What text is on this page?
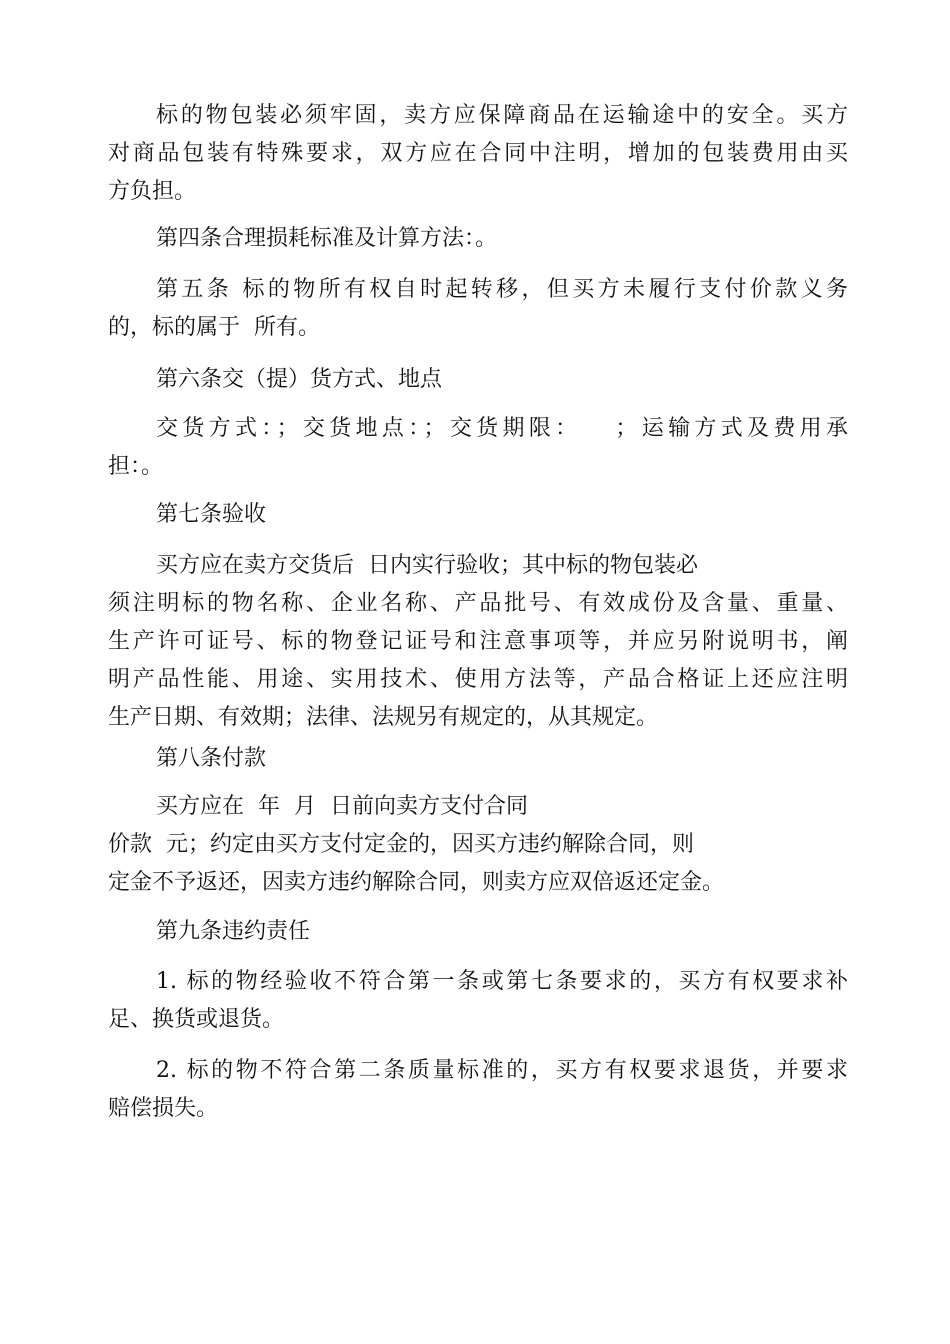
标的物包装必须牢固，卖方应保障商品在运输途中的安全。买方
对商品包装有特殊要求，双方应在合同中注明，增加的包装费用由买
方负担。
第四条合理损耗标准及计算方法：。
第五条 标的物所有权自时起转移，但买方未履行支付价款义务
的，标的属于  所有。
第六条交（提）货方式、地点
交货方式：；交货地点：；交货期限：   ；运输方式及费用承
担：。
第七条验收
买方应在卖方交货后  日内实行验收；其中标的物包装必
须注明标的物名称、企业名称、产品批号、有效成份及含量、重量、
生产许可证号、标的物登记证号和注意事项等，并应另附说明书，阐
明产品性能、用途、实用技术、使用方法等，产品合格证上还应注明
生产日期、有效期；法律、法规另有规定的，从其规定。
第八条付款
买方应在  年  月  日前向卖方支付合同
价款  元；约定由买方支付定金的，因买方违约解除合同，则
定金不予返还，因卖方违约解除合同，则卖方应双倍返还定金。
第九条违约责任
1. 标的物经验收不符合第一条或第七条要求的，买方有权要求补
足、换货或退货。
2. 标的物不符合第二条质量标准的，买方有权要求退货，并要求
赔偿损失。
